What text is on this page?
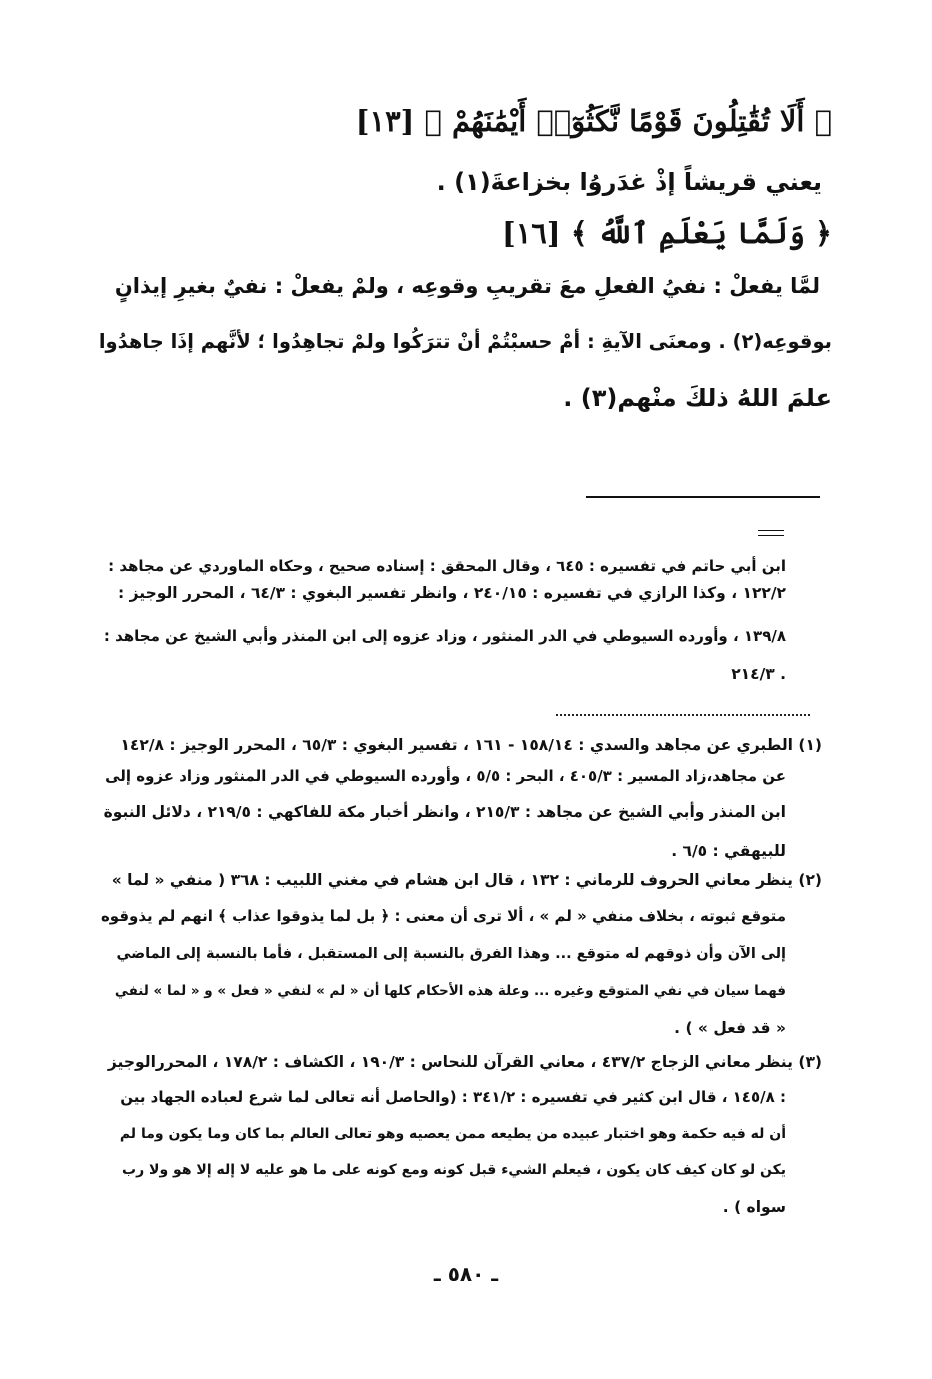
﴿ أَلَا تُقَٰتِلُونَ قَوْمًا نَّكَثُوٓا۟ أَيْمَٰنَهُمْ ﴾ [١٣]
يعني قريشاً إذْ غدَروُا بخزاعةَ(١) .
﴿ وَلَمَّا يَعْلَمِ ٱللَّهُ ﴾ [١٦]
لمَّا يفعلْ : نفيُ الفعلِ معَ تقريبِ وقوعِه ، ولمْ يفعلْ : نفيٌ بغيرِ إيذانٍ
بوقوعِه(٢) . ومعنَى الآيةِ : أمْ حسبْتُمْ أنْ تترَكُوا ولمْ تجاهِدُوا ؛ لأنَّهم إذَا جاهدُوا
علمَ اللهُ ذلكَ منْهم(٣) .
ابن أبي حاتم في تفسيره : ٦٤٥ ، وقال المحقق : إسناده صحيح ، وحكاه الماوردي عن مجاهد :
١٢٢/٢ ، وكذا الرازي في تفسيره : ٢٤٠/١٥ ، وانظر تفسير البغوي : ٦٤/٣ ، المحرر الوجيز :
١٣٩/٨ ، وأورده السيوطي في الدر المنثور ، وزاد عزوه إلى ابن المنذر وأبي الشيخ عن مجاهد :
٢١٤/٣ .
(١) الطبري عن مجاهد والسدي : ١٥٨/١٤ - ١٦١ ، تفسير البغوي : ٦٥/٣ ، المحرر الوجيز : ١٤٢/٨
عن مجاهد،زاد المسير : ٤٠٥/٣ ، البحر : ٥/٥ ، وأورده السيوطي في الدر المنثور وزاد عزوه إلى
ابن المنذر وأبي الشيخ عن مجاهد : ٢١٥/٣ ، وانظر أخبار مكة للفاكهي : ٢١٩/٥ ، دلائل النبوة
للبيهقي : ٦/٥ .
(٢) ينظر معاني الحروف للرماني : ١٣٢ ، قال ابن هشام في مغني اللبيب : ٣٦٨ ( منفي « لما »
متوقع ثبوته ، بخلاف منفي « لم » ، ألا ترى أن معنى : ﴿ بل لما يذوقوا عذاب ﴾ انهم لم يذوقوه
إلى الآن وأن ذوقهم له متوقع ... وهذا الفرق بالنسبة إلى المستقبل ، فأما بالنسبة إلى الماضي
فهما سيان في نفي المتوقع وغيره ... وعلة هذه الأحكام كلها أن « لم » لنفي « فعل » و « لما » لنفي
« قد فعل » ) .
(٣) ينظر معاني الزجاج ٤٣٧/٢ ، معاني القرآن للنحاس : ١٩٠/٣ ، الكشاف : ١٧٨/٢ ، المحررالوجيز
: ١٤٥/٨ ، قال ابن كثير في تفسيره : ٣٤١/٢ : (والحاصل أنه تعالى لما شرع لعباده الجهاد بين
أن له فيه حكمة وهو اختبار عبيده من يطيعه ممن يعصيه وهو تعالى العالم بما كان وما يكون وما لم
يكن لو كان كيف كان يكون ، فيعلم الشيء قبل كونه ومع كونه على ما هو عليه لا إله إلا هو ولا رب
سواه ) .
ـ ٥٨٠ ـ
